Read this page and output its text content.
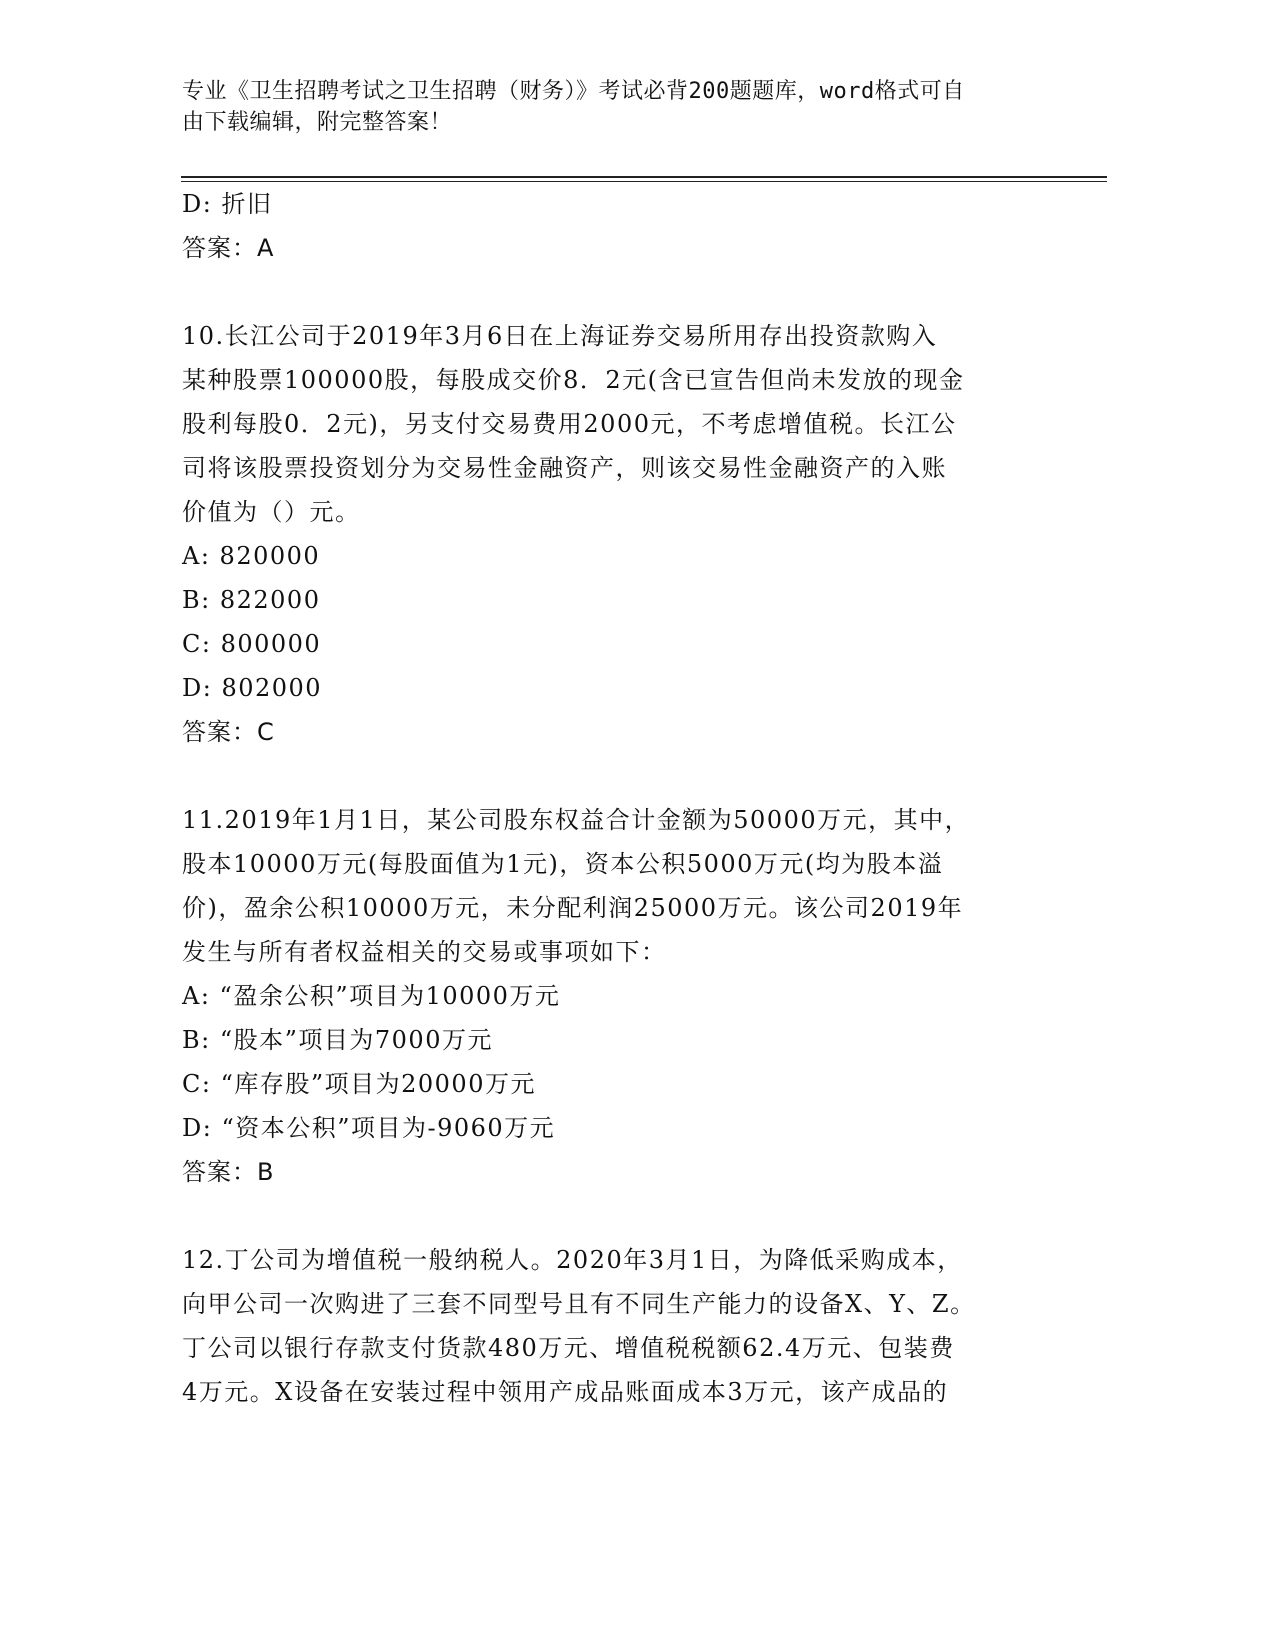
专业《卫生招聘考试之卫生招聘（财务）》考试必背200题题库，word格式可自
由下载编辑，附完整答案！
D: 折旧
答案：A
10.长江公司于2019年3月6日在上海证券交易所用存出投资款购入
某种股票100000股，每股成交价8．2元(含已宣告但尚未发放的现金
股利每股0．2元)，另支付交易费用2000元，不考虑增值税。长江公
司将该股票投资划分为交易性金融资产，则该交易性金融资产的入账
价值为（）元。
A: 820000
B: 822000
C: 800000
D: 802000
答案：C
11.2019年1月1日，某公司股东权益合计金额为50000万元，其中，
股本10000万元(每股面值为1元)，资本公积5000万元(均为股本溢
价)，盈余公积10000万元，未分配利润25000万元。该公司2019年
发生与所有者权益相关的交易或事项如下：
A: “盈余公积”项目为10000万元
B: “股本”项目为7000万元
C: “库存股”项目为20000万元
D: “资本公积”项目为-9060万元
答案：B
12.丁公司为增值税一般纳税人。2020年3月1日，为降低采购成本，
向甲公司一次购进了三套不同型号且有不同生产能力的设备X、Y、Z。
丁公司以银行存款支付货款480万元、增值税税额62.4万元、包装费
4万元。X设备在安装过程中领用产成品账面成本3万元，该产成品的
